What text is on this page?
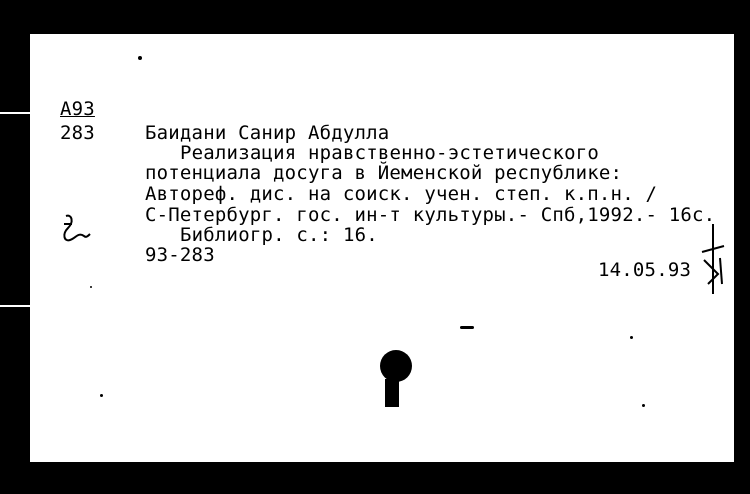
А93
283	Баидани Санир Абдулла
Реализация нравственно-эстетического
потенциала досуга в Йеменской республике:
Автореф. дис. на соиск. учен. степ. к.п.н. /
С-Петербург. гос. ин-т культуры.- Спб,1992.- 16с.
Библиогр. с.: 16.
93-283
14.05.93
